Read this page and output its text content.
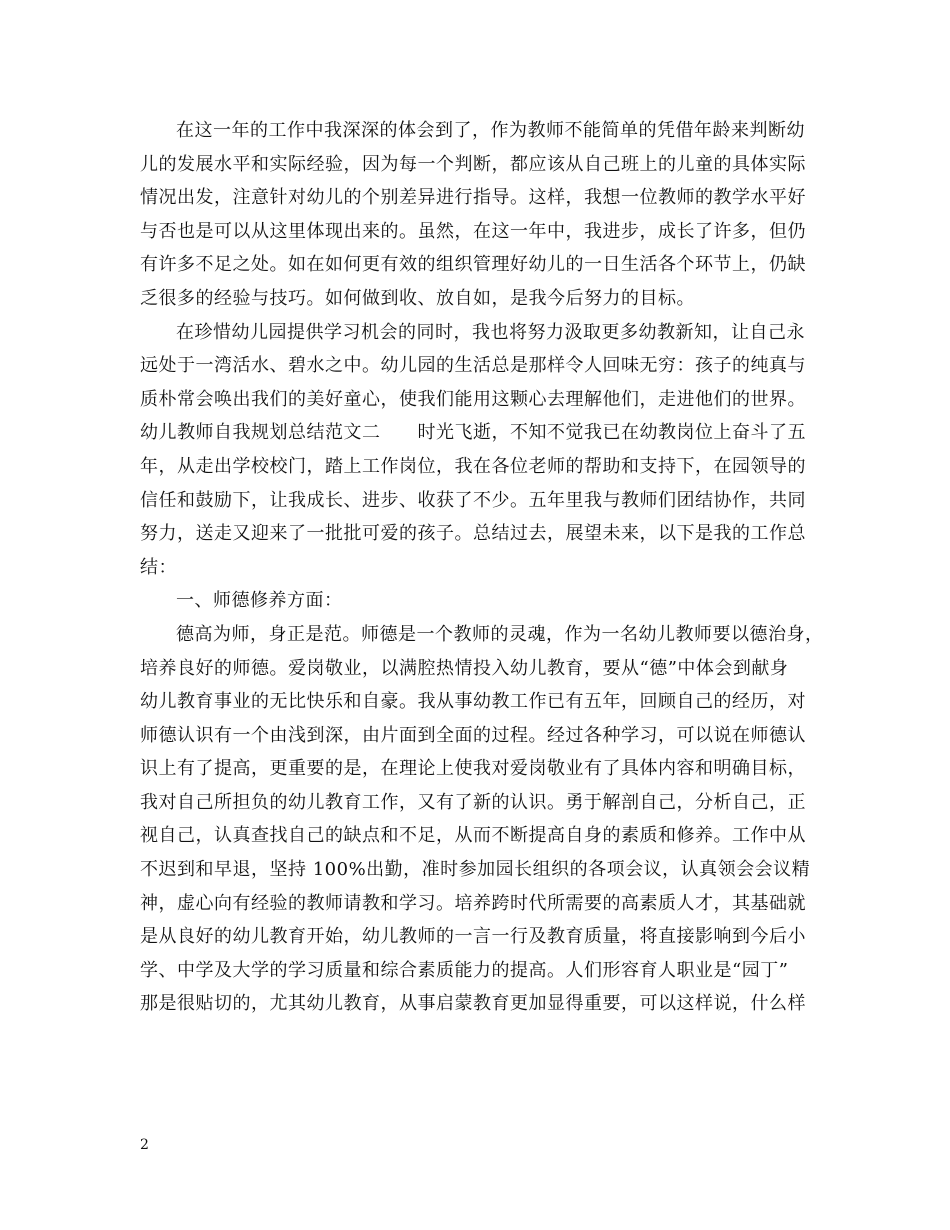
在这一年的工作中我深深的体会到了，作为教师不能简单的凭借年龄来判断幼
儿的发展水平和实际经验，因为每一个判断，都应该从自己班上的儿童的具体实际
情况出发，注意针对幼儿的个别差异进行指导。这样，我想一位教师的教学水平好
与否也是可以从这里体现出来的。虽然，在这一年中，我进步，成长了许多，但仍
有许多不足之处。如在如何更有效的组织管理好幼儿的一日生活各个环节上，仍缺
乏很多的经验与技巧。如何做到收、放自如，是我今后努力的目标。
在珍惜幼儿园提供学习机会的同时，我也将努力汲取更多幼教新知，让自己永
远处于一湾活水、碧水之中。幼儿园的生活总是那样令人回味无穷：孩子的纯真与
质朴常会唤出我们的美好童心，使我们能用这颗心去理解他们，走进他们的世界。
幼儿教师自我规划总结范文二　　时光飞逝，不知不觉我已在幼教岗位上奋斗了五
年，从走出学校校门，踏上工作岗位，我在各位老师的帮助和支持下，在园领导的
信任和鼓励下，让我成长、进步、收获了不少。五年里我与教师们团结协作，共同
努力，送走又迎来了一批批可爱的孩子。总结过去，展望未来，以下是我的工作总
结：
一、师德修养方面：
德高为师，身正是范。师德是一个教师的灵魂，作为一名幼儿教师要以德治身，
培养良好的师德。爱岗敬业，以满腔热情投入幼儿教育，要从“德”中体会到献身
幼儿教育事业的无比快乐和自豪。我从事幼教工作已有五年，回顾自己的经历，对
师德认识有一个由浅到深，由片面到全面的过程。经过各种学习，可以说在师德认
识上有了提高，更重要的是，在理论上使我对爱岗敬业有了具体内容和明确目标，
我对自己所担负的幼儿教育工作，又有了新的认识。勇于解剖自己，分析自己，正
视自己，认真查找自己的缺点和不足，从而不断提高自身的素质和修养。工作中从
不迟到和早退，坚持 100%出勤，准时参加园长组织的各项会议，认真领会会议精
神，虚心向有经验的教师请教和学习。培养跨时代所需要的高素质人才，其基础就
是从良好的幼儿教育开始，幼儿教师的一言一行及教育质量，将直接影响到今后小
学、中学及大学的学习质量和综合素质能力的提高。人们形容育人职业是“园丁”
那是很贴切的，尤其幼儿教育，从事启蒙教育更加显得重要，可以这样说，什么样
2
